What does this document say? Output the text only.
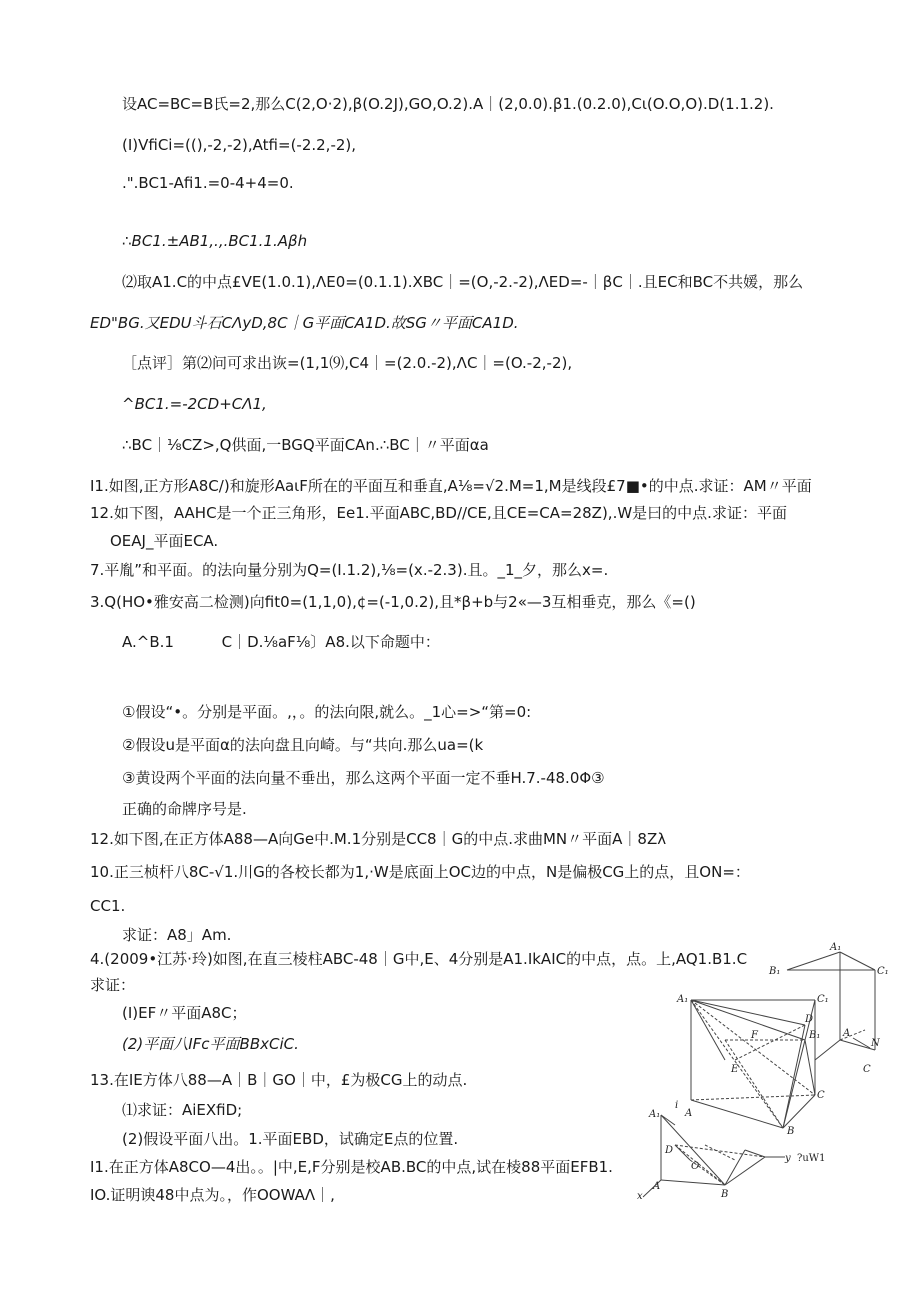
设AC=BC=B氏=2,那么C(2,O·2),β(O.2J),GO,O.2).A｜(2,0.0).β1.(0.2.0),Cι(O.O,O).D(1.1.2).
(I)VfiCi=((),-2,-2),Atfi=(-2.2,-2),
.".BC1-Afi1.=0-4+4=0.
∴BC1.±AB1,.,.BC1.1.Aβh
⑵取A1.C的中点£VE(1.0.1),ΛΕ0=(0.1.1).XBC｜=(O,-2.-2),ΛED=-｜βC｜.且EC和BC不共媛，那么
ED"BG.又EDU斗石CΛyD,8C｜G平面CA1D.故SG〃平面CA1D.
［点评］第⑵问可求出诙=(1,1⑼,C4｜=(2.0.-2),ΛC｜=(O.-2,-2),
^BC1.=-2CD+CΛ1,
∴BC｜⅛CZ>,Q供面,一BGQ平面CAn.∴BC｜〃平面αa
I1.如图,正方形A8C/)和旋形AaιF所在的平面互和垂直,A⅛=√2.M=1,M是线段£7■•的中点.求证：AM〃平面
12.如下图，AAHC是一个正三角形，Ee1.平面ABC,BD//CE,且CE=CA=28Z),.W是曰的中点.求证：平面
OEAJ_平面ECA.
7.平胤”和平面。的法向量分别为Q=(I.1.2),⅛=(x.-2.3).且。_1_夕，那么x=.
3.Q(HO•雅安高二检测)向fit0=(1,1,0),¢=(-1,0.2),且*β+b与2«—3互相垂克，那么《=()
A.^B.1          C｜D.⅛aF⅛〕A8.以下命题中：
①假设“•。分别是平面。,，。的法向限,就么。_1心=>“第=0:
②假设u是平面α的法向盘且向崎。与“共向.那么ua=(k
③黄设两个平面的法向量不垂出，那么这两个平面一定不垂H.7.-48.0Φ③
正确的命牌序号是.
12.如下图,在正方体A88—A向Ge中.M.1分别是CC8｜G的中点.求曲MN〃平面A｜8Zλ
10.正三桢杆八8C-√1.川G的各校长都为1,·W是底面上OC边的中点，N是偏极CG上的点，且ON=：
CC1.
求证：A8」Am.
4.(2009•江苏·玲)如图,在直三棱柱ABC-48｜G中,E、4分别是A1.IkAIC的中点，点。上,AQ1.B1.C
求证：
(I)EF〃平面A8C；
(2)平面八IFc平面BBxCiC.
13.在IE方体八88—A｜B｜GO｜中，£为极CG上的动点.
⑴求证：AiEXfiD;
(2)假设平面八出。1.平面EBD，试确定E点的位置.
I1.在正方体A8CO—4出。。|中,E,F分别是校AB.BC的中点,试在棱88平面EFB1.
IO.证明谀48中点为。，作OOWAΛ｜,
A₁
C₁
B₁
A₁	C₁
D
B₁
F
E
A
C
B
A
N
C
i
A₁
D
O
A
B
y ?uW1
x
